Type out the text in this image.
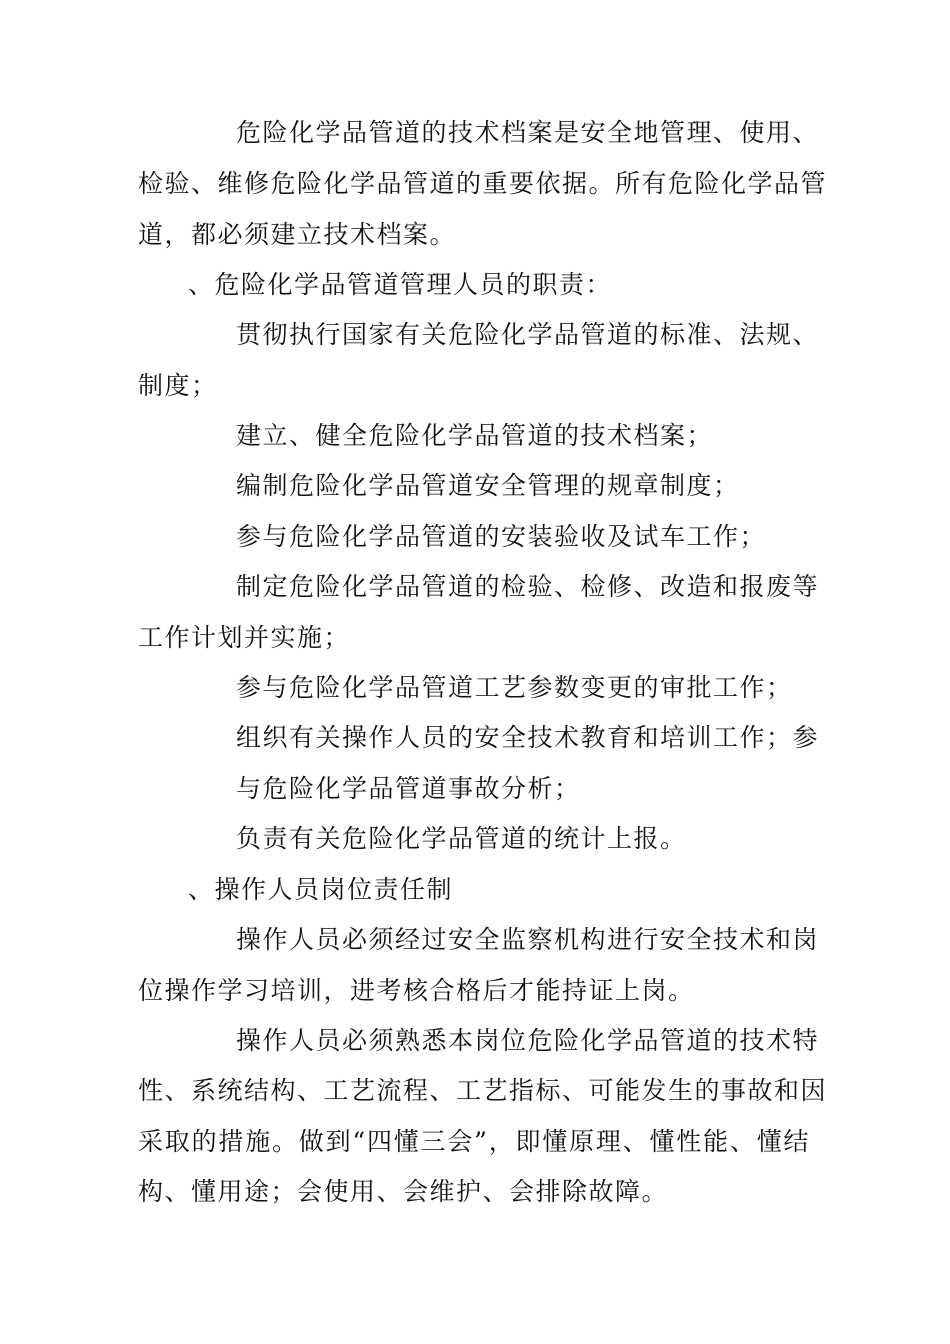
危险化学品管道的技术档案是安全地管理、使用、
检验、维修危险化学品管道的重要依据。所有危险化学品管
道，都必须建立技术档案。
、危险化学品管道管理人员的职责：
贯彻执行国家有关危险化学品管道的标准、法规、
制度；
建立、健全危险化学品管道的技术档案；
编制危险化学品管道安全管理的规章制度；
参与危险化学品管道的安装验收及试车工作；
制定危险化学品管道的检验、检修、改造和报废等
工作计划并实施；
参与危险化学品管道工艺参数变更的审批工作；
组织有关操作人员的安全技术教育和培训工作；参
与危险化学品管道事故分析；
负责有关危险化学品管道的统计上报。
、操作人员岗位责任制
操作人员必须经过安全监察机构进行安全技术和岗
位操作学习培训，进考核合格后才能持证上岗。
操作人员必须熟悉本岗位危险化学品管道的技术特
性、系统结构、工艺流程、工艺指标、可能发生的事故和因
采取的措施。做到“四懂三会”，即懂原理、懂性能、懂结
构、懂用途；会使用、会维护、会排除故障。
